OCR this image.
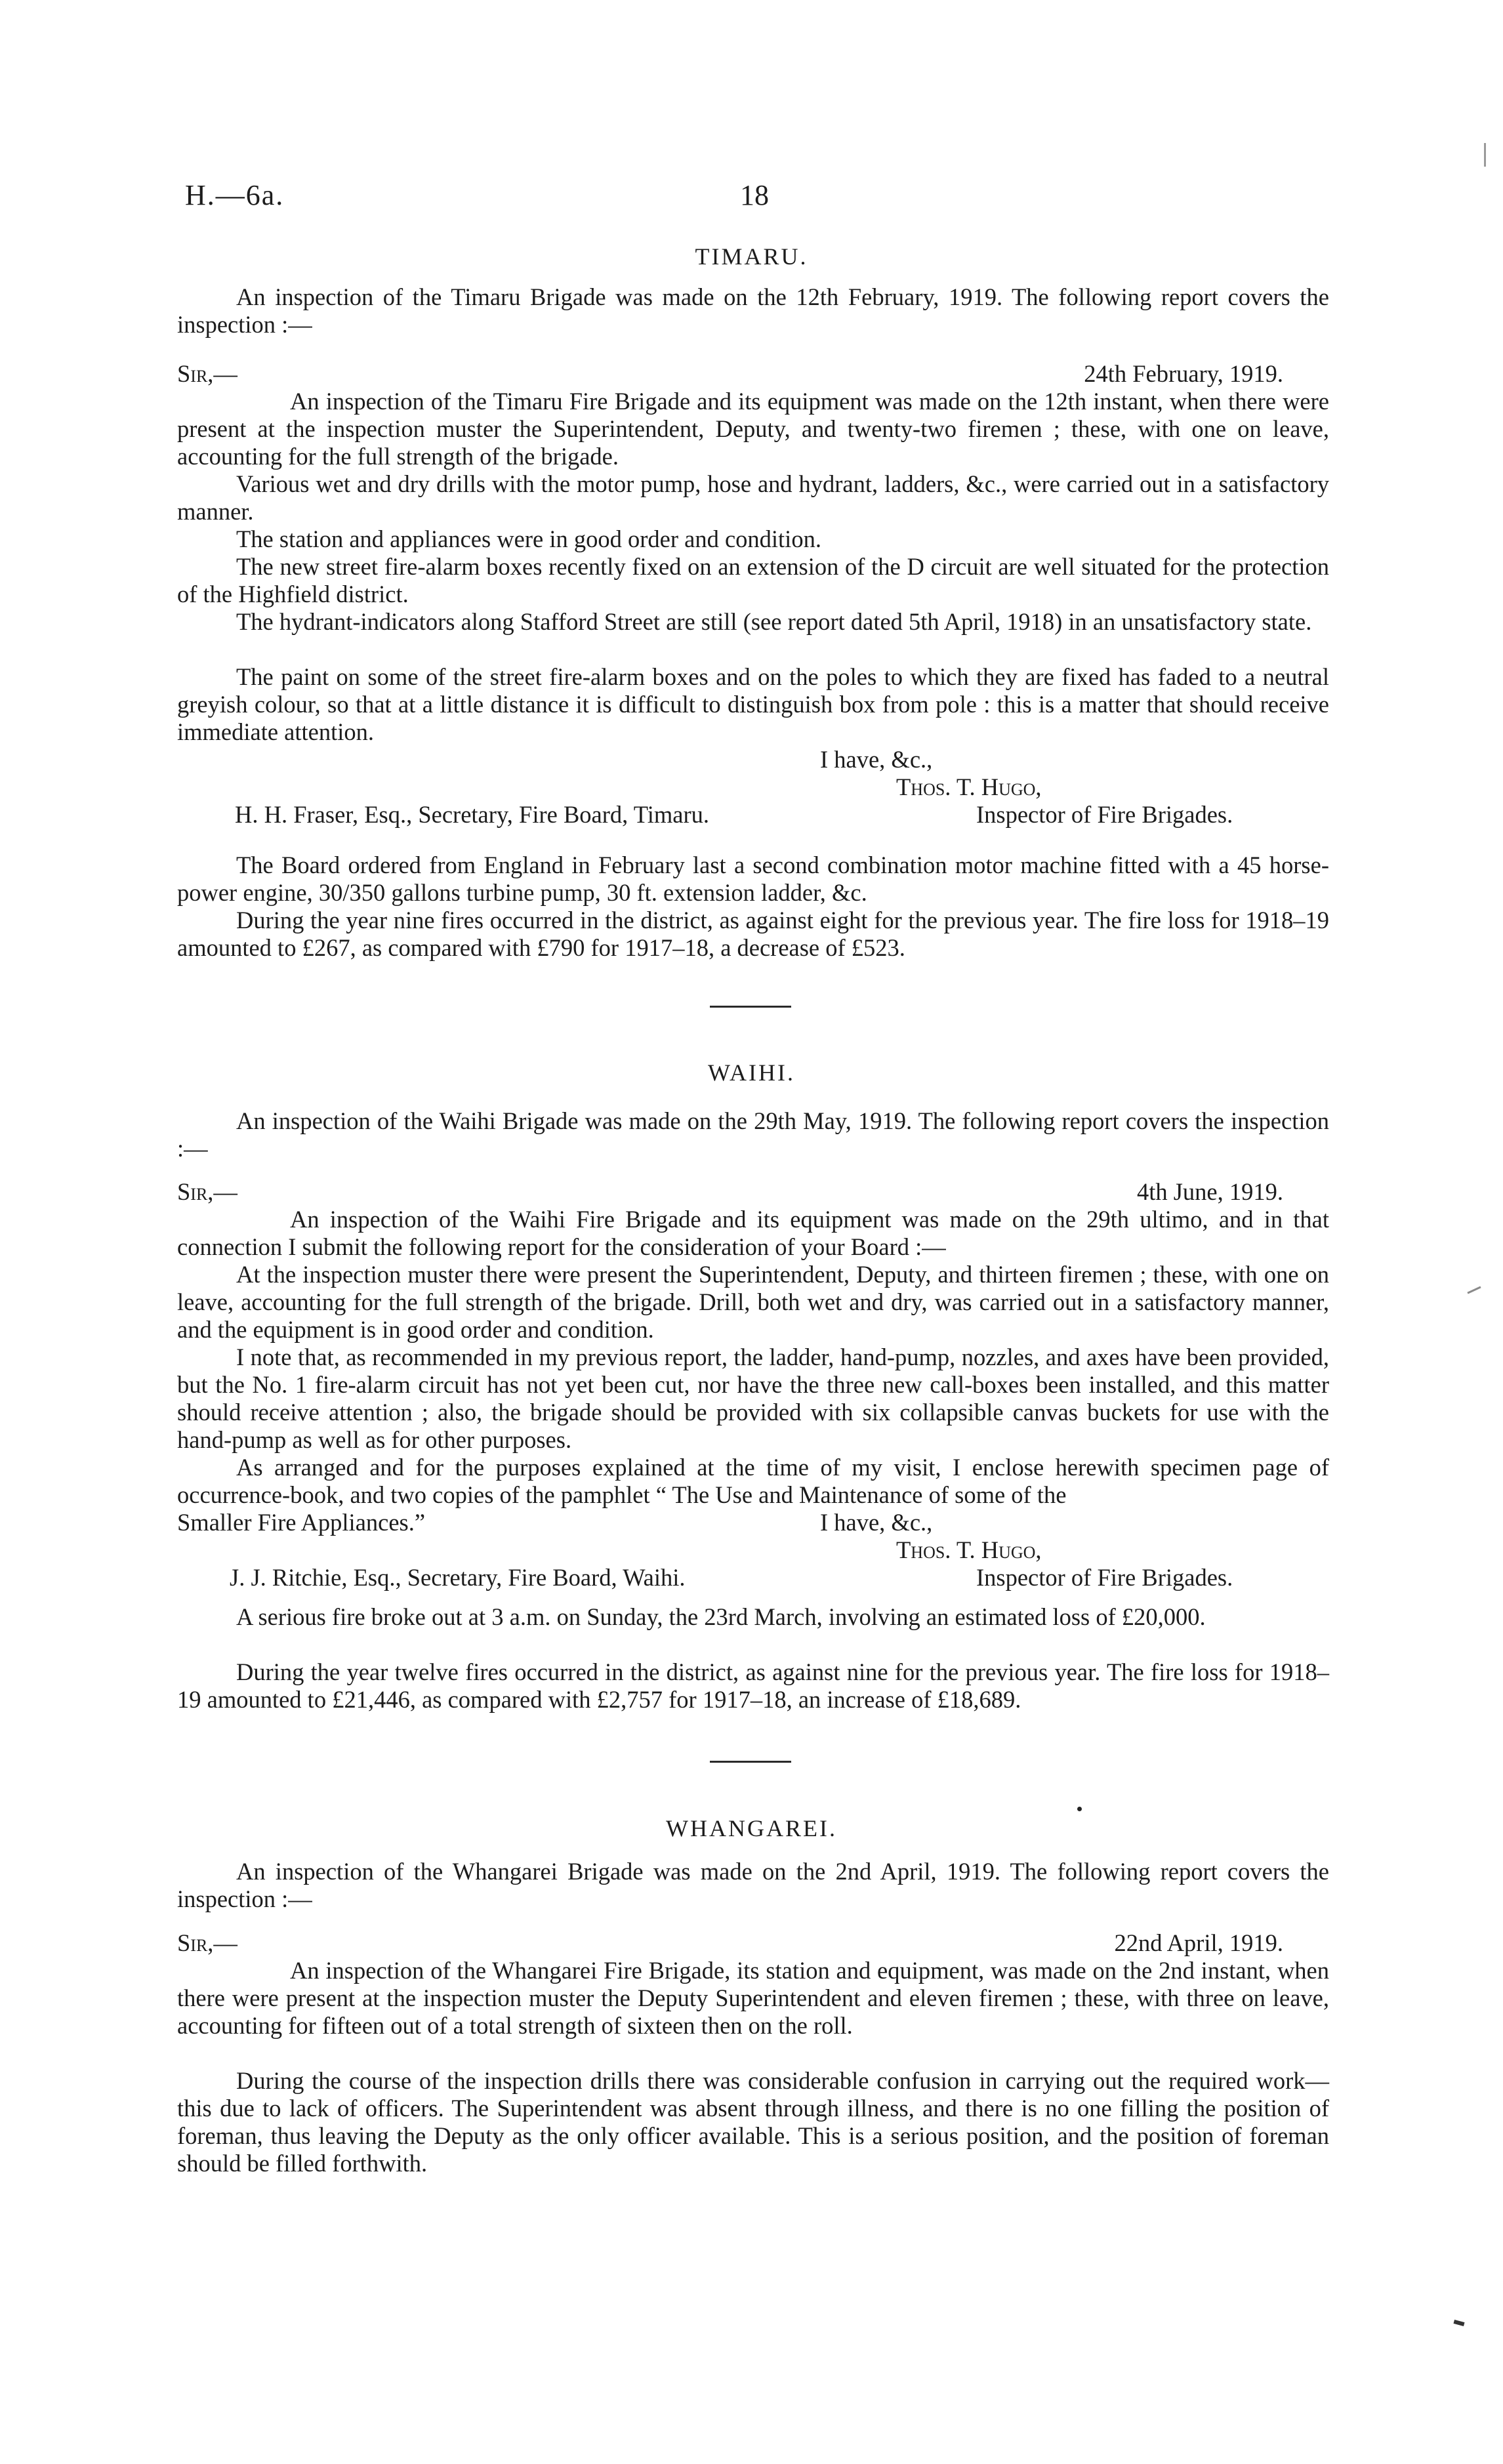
H.—6a.	18
TIMARU.
An inspection of the Timaru Brigade was made on the 12th February, 1919. The following report covers the inspection :—
Sir,—	24th February, 1919.
An inspection of the Timaru Fire Brigade and its equipment was made on the 12th instant, when there were present at the inspection muster the Superintendent, Deputy, and twenty-two firemen ; these, with one on leave, accounting for the full strength of the brigade.
Various wet and dry drills with the motor pump, hose and hydrant, ladders, &c., were carried out in a satisfactory manner.
The station and appliances were in good order and condition.
The new street fire-alarm boxes recently fixed on an extension of the D circuit are well situated for the protection of the Highfield district.
The hydrant-indicators along Stafford Street are still (see report dated 5th April, 1918) in an unsatisfactory state.
The paint on some of the street fire-alarm boxes and on the poles to which they are fixed has faded to a neutral greyish colour, so that at a little distance it is difficult to distinguish box from pole : this is a matter that should receive immediate attention.
I have, &c.,
Thos. T. Hugo,
H. H. Fraser, Esq., Secretary, Fire Board, Timaru.	Inspector of Fire Brigades.
The Board ordered from England in February last a second combination motor machine fitted with a 45 horse-power engine, 30/350 gallons turbine pump, 30 ft. extension ladder, &c.
During the year nine fires occurred in the district, as against eight for the previous year. The fire loss for 1918–19 amounted to £267, as compared with £790 for 1917–18, a decrease of £523.
WAIHI.
An inspection of the Waihi Brigade was made on the 29th May, 1919. The following report covers the inspection :—
Sir,—	4th June, 1919.
An inspection of the Waihi Fire Brigade and its equipment was made on the 29th ultimo, and in that connection I submit the following report for the consideration of your Board :—
At the inspection muster there were present the Superintendent, Deputy, and thirteen firemen ; these, with one on leave, accounting for the full strength of the brigade. Drill, both wet and dry, was carried out in a satisfactory manner, and the equipment is in good order and condition.
I note that, as recommended in my previous report, the ladder, hand-pump, nozzles, and axes have been provided, but the No. 1 fire-alarm circuit has not yet been cut, nor have the three new call-boxes been installed, and this matter should receive attention ; also, the brigade should be provided with six collapsible canvas buckets for use with the hand-pump as well as for other purposes.
As arranged and for the purposes explained at the time of my visit, I enclose herewith specimen page of occurrence-book, and two copies of the pamphlet “ The Use and Maintenance of some of the
Smaller Fire Appliances.”	I have, &c.,
Thos. T. Hugo,
J. J. Ritchie, Esq., Secretary, Fire Board, Waihi.	Inspector of Fire Brigades.
A serious fire broke out at 3 a.m. on Sunday, the 23rd March, involving an estimated loss of £20,000.
During the year twelve fires occurred in the district, as against nine for the previous year. The fire loss for 1918–19 amounted to £21,446, as compared with £2,757 for 1917–18, an increase of £18,689.
WHANGAREI.
An inspection of the Whangarei Brigade was made on the 2nd April, 1919. The following report covers the inspection :—
Sir,—	22nd April, 1919.
An inspection of the Whangarei Fire Brigade, its station and equipment, was made on the 2nd instant, when there were present at the inspection muster the Deputy Superintendent and eleven firemen ; these, with three on leave, accounting for fifteen out of a total strength of sixteen then on the roll.
During the course of the inspection drills there was considerable confusion in carrying out the required work—this due to lack of officers. The Superintendent was absent through illness, and there is no one filling the position of foreman, thus leaving the Deputy as the only officer available. This is a serious position, and the position of foreman should be filled forthwith.
